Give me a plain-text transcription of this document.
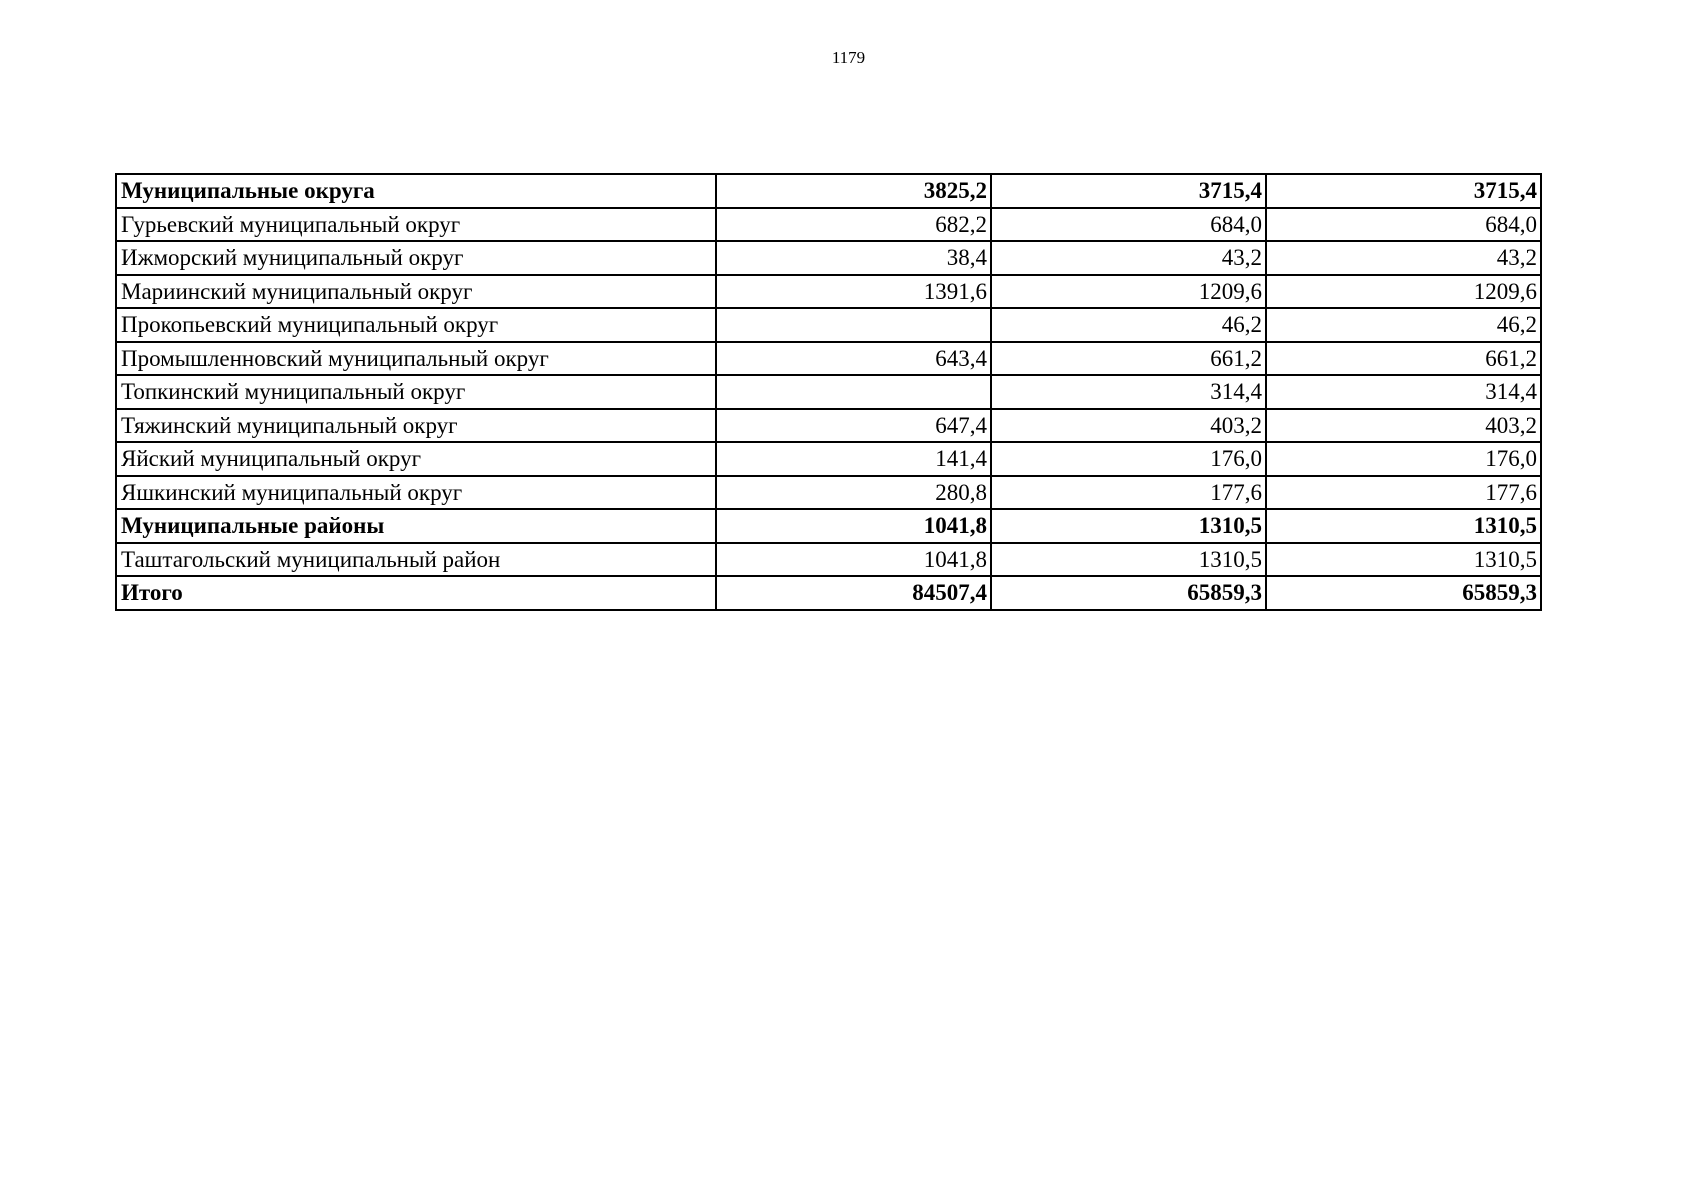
1179
Муниципальные округа	3825,2	3715,4	3715,4
Гурьевский муниципальный округ	682,2	684,0	684,0
Ижморский муниципальный округ	38,4	43,2	43,2
Мариинский муниципальный округ	1391,6	1209,6	1209,6
Прокопьевский муниципальный округ		46,2	46,2
Промышленновский муниципальный округ	643,4	661,2	661,2
Топкинский муниципальный округ		314,4	314,4
Тяжинский муниципальный округ	647,4	403,2	403,2
Яйский муниципальный округ	141,4	176,0	176,0
Яшкинский муниципальный округ	280,8	177,6	177,6
Муниципальные районы	1041,8	1310,5	1310,5
Таштагольский муниципальный район	1041,8	1310,5	1310,5
Итого	84507,4	65859,3	65859,3
